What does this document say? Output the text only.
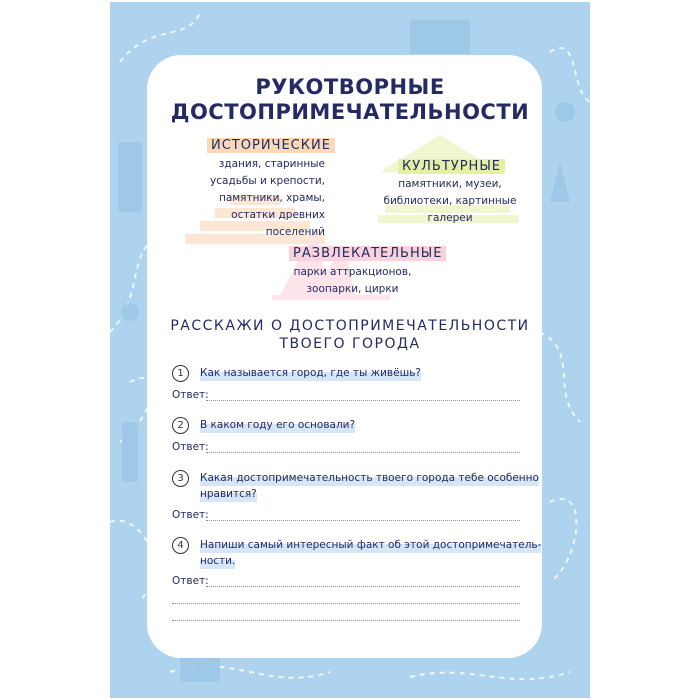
РУКОТВОРНЫЕ
ДОСТОПРИМЕЧАТЕЛЬНОСТИ
ИСТОРИЧЕСКИЕ
здания, старинные
усадьбы и крепости,
памятники, храмы,
остатки древних
поселений
КУЛЬТУРНЫЕ
памятники, музеи,
библиотеки, картинные
галереи
РАЗВЛЕКАТЕЛЬНЫЕ
парки аттракционов,
зоопарки, цирки
РАССКАЖИ О ДОСТОПРИМЕЧАТЕЛЬНОСТИ
ТВОЕГО ГОРОДА
1	Как называется город, где ты живёшь?
Ответ:
2	В каком году его основали?
Ответ:
3	Какая достопримечательность твоего города тебе особенно
нравится?
Ответ:
4	Напиши самый интересный факт об этой достопримечатель-
ности.
Ответ:
